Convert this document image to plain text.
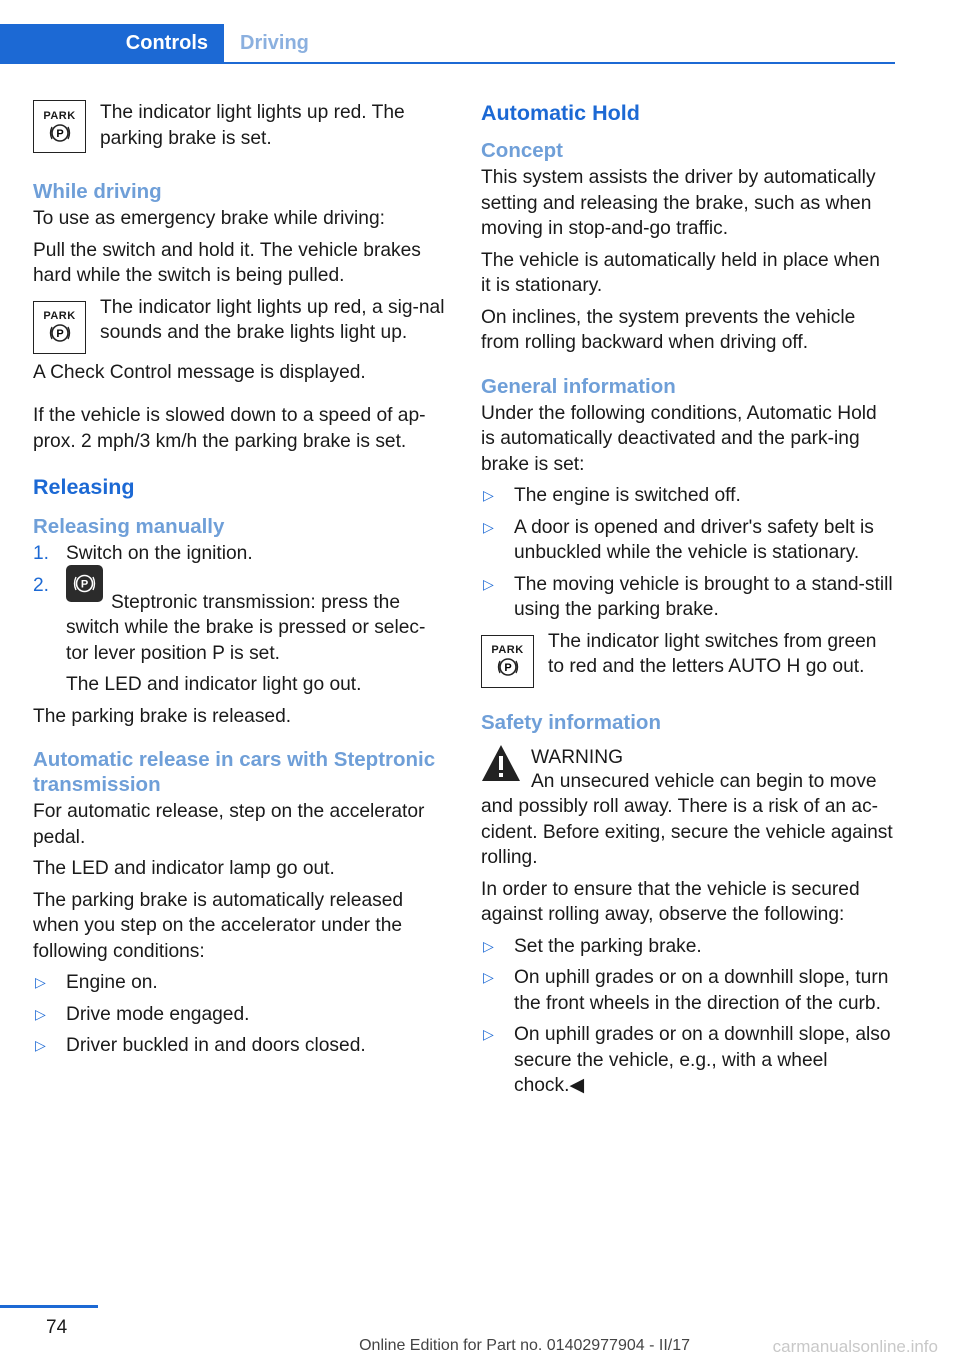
Controls	Driving
PARK
P

The indicator light lights up red. The parking brake is set.

While driving

To use as emergency brake while driving:

Pull the switch and hold it. The vehicle brakes hard while the switch is being pulled.

PARK
P

The indicator light lights up red, a sig‐nal sounds and the brake lights light up.

A Check Control message is displayed.

If the vehicle is slowed down to a speed of ap‐prox. 2 mph/3 km/h the parking brake is set.

Releasing
Releasing manually
1. Switch on the ignition.
2.	P
Steptronic transmission: press the switch while the brake is pressed or selec‐tor lever position P is set.
The LED and indicator light go out.

The parking brake is released.

Automatic release in cars with Steptronic transmission

For automatic release, step on the accelerator pedal.

The LED and indicator lamp go out.

The parking brake is automatically released when you step on the accelerator under the following conditions:

▷ Engine on.
▷ Drive mode engaged.
▷ Driver buckled in and doors closed.
Automatic Hold
Concept

This system assists the driver by automatically setting and releasing the brake, such as when moving in stop-and-go traffic.

The vehicle is automatically held in place when it is stationary.

On inclines, the system prevents the vehicle from rolling backward when driving off.

General information

Under the following conditions, Automatic Hold is automatically deactivated and the park‐ing brake is set:

▷ The engine is switched off.
▷ A door is opened and driver's safety belt is unbuckled while the vehicle is stationary.
▷ The moving vehicle is brought to a stand‐still using the parking brake.
PARK
P

The indicator light switches from green to red and the letters AUTO H go out.

Safety information
WARNING

An unsecured vehicle can begin to move and possibly roll away. There is a risk of an ac‐cident. Before exiting, secure the vehicle against rolling.

In order to ensure that the vehicle is secured against rolling away, observe the following:

▷ Set the parking brake.
▷ On uphill grades or on a downhill slope, turn the front wheels in the direction of the curb.
▷ On uphill grades or on a downhill slope, also secure the vehicle, e.g., with a wheel chock.◀
74
Online Edition for Part no. 01402977904 - II/17	carmanualsonline.info
